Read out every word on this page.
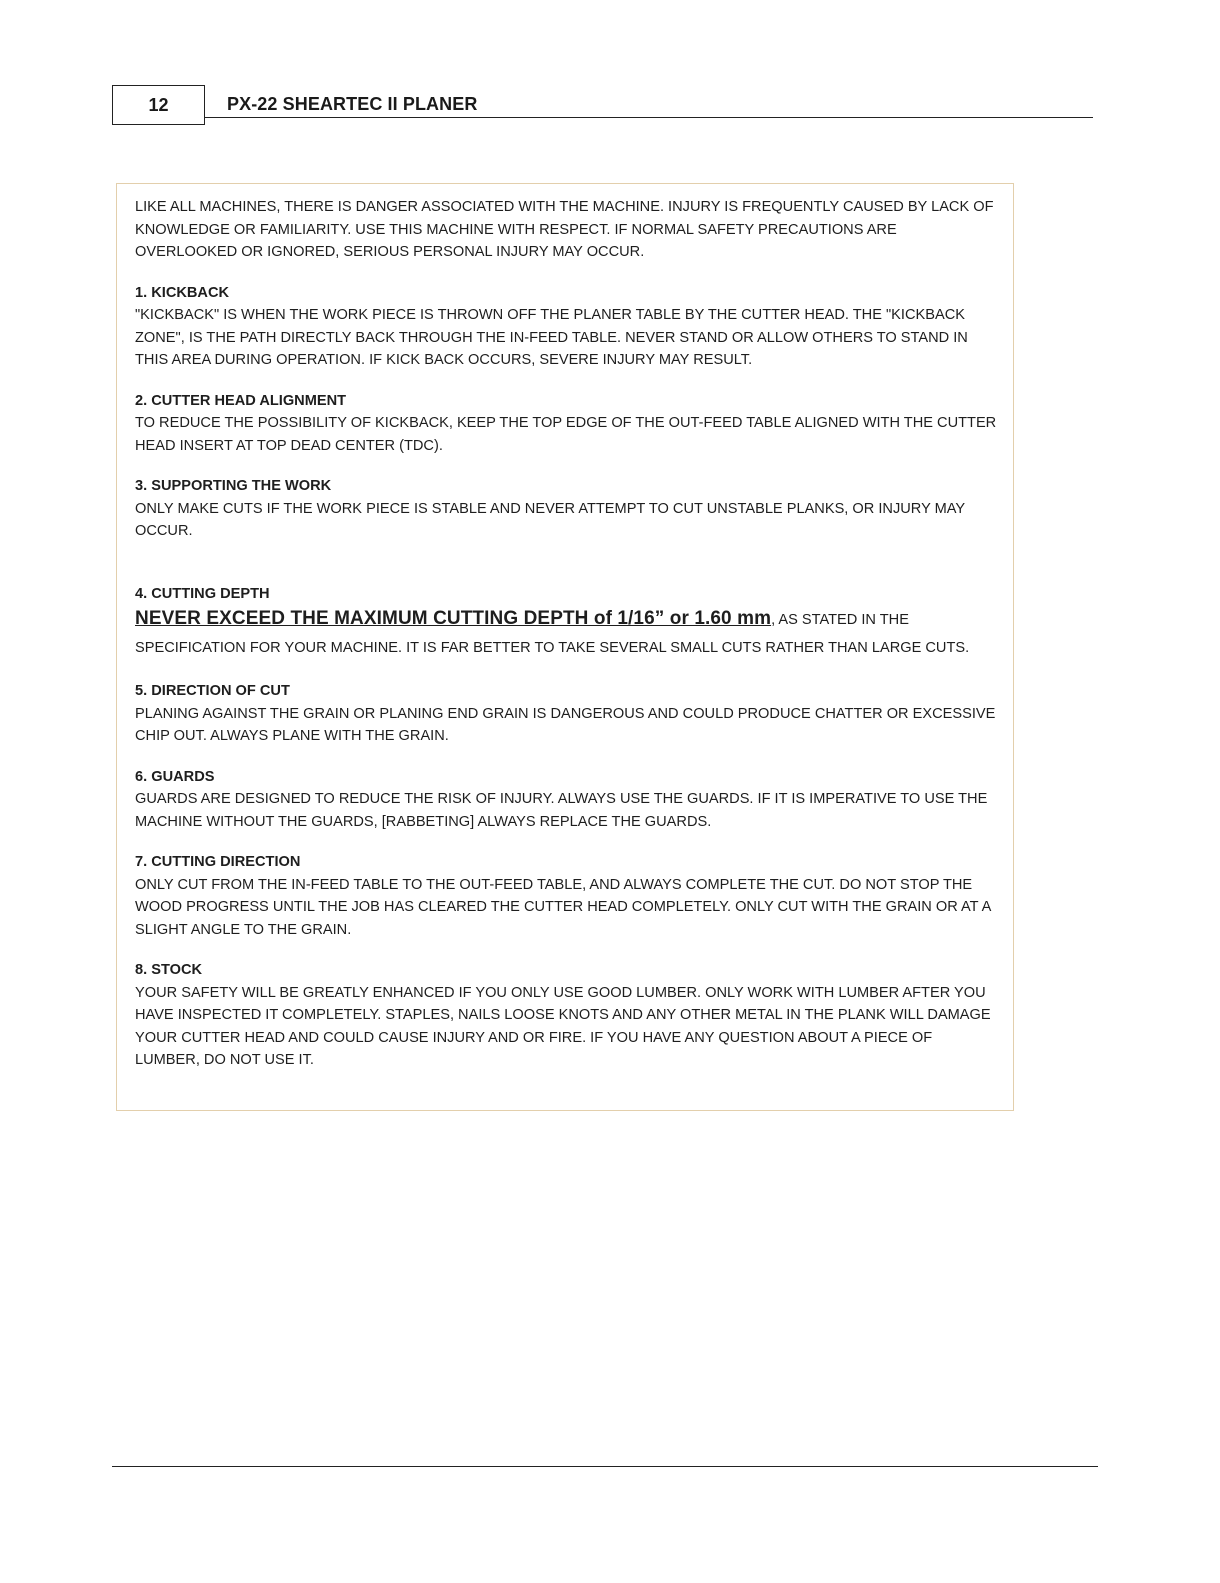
12	PX-22 SHEARTEC II PLANER

LIKE ALL MACHINES, THERE IS DANGER ASSOCIATED WITH THE MACHINE. INJURY IS FREQUENTLY CAUSED BY LACK OF KNOWLEDGE OR FAMILIARITY. USE THIS MACHINE WITH RESPECT. IF NORMAL SAFETY PRECAUTIONS ARE OVERLOOKED OR IGNORED, SERIOUS PERSONAL INJURY MAY OCCUR.

1. KICKBACK

"KICKBACK" IS WHEN THE WORK PIECE IS THROWN OFF THE PLANER TABLE BY THE CUTTER HEAD. THE "KICKBACK ZONE", IS THE PATH DIRECTLY BACK THROUGH THE IN-FEED TABLE. NEVER STAND OR ALLOW OTHERS TO STAND IN THIS AREA DURING OPERATION. IF KICK BACK OCCURS, SEVERE INJURY MAY RESULT.

2. CUTTER HEAD ALIGNMENT

TO REDUCE THE POSSIBILITY OF KICKBACK, KEEP THE TOP EDGE OF THE OUT-FEED TABLE ALIGNED WITH THE CUTTER HEAD INSERT AT TOP DEAD CENTER (TDC).

3. SUPPORTING THE WORK

ONLY MAKE CUTS IF THE WORK PIECE IS STABLE AND NEVER ATTEMPT TO CUT UNSTABLE PLANKS, OR INJURY MAY OCCUR.

4. CUTTING DEPTH

NEVER EXCEED THE MAXIMUM CUTTING DEPTH of 1/16” or 1.60 mm, AS STATED IN THE SPECIFICATION FOR YOUR MACHINE. IT IS FAR BETTER TO TAKE SEVERAL SMALL CUTS RATHER THAN LARGE CUTS.

5. DIRECTION OF CUT

PLANING AGAINST THE GRAIN OR PLANING END GRAIN IS DANGEROUS AND COULD PRODUCE CHATTER OR EXCESSIVE CHIP OUT. ALWAYS PLANE WITH THE GRAIN.

6. GUARDS

GUARDS ARE DESIGNED TO REDUCE THE RISK OF INJURY. ALWAYS USE THE GUARDS. IF IT IS IMPERATIVE TO USE THE MACHINE WITHOUT THE GUARDS, [RABBETING] ALWAYS REPLACE THE GUARDS.

7. CUTTING DIRECTION

ONLY CUT FROM THE IN-FEED TABLE TO THE OUT-FEED TABLE, AND ALWAYS COMPLETE THE CUT. DO NOT STOP THE WOOD PROGRESS UNTIL THE JOB HAS CLEARED THE CUTTER HEAD COMPLETELY. ONLY CUT WITH THE GRAIN OR AT A SLIGHT ANGLE TO THE GRAIN.

8. STOCK

YOUR SAFETY WILL BE GREATLY ENHANCED IF YOU ONLY USE GOOD LUMBER. ONLY WORK WITH LUMBER AFTER YOU HAVE INSPECTED IT COMPLETELY. STAPLES, NAILS LOOSE KNOTS AND ANY OTHER METAL IN THE PLANK WILL DAMAGE YOUR CUTTER HEAD AND COULD CAUSE INJURY AND OR FIRE. IF YOU HAVE ANY QUESTION ABOUT A PIECE OF LUMBER, DO NOT USE IT.
